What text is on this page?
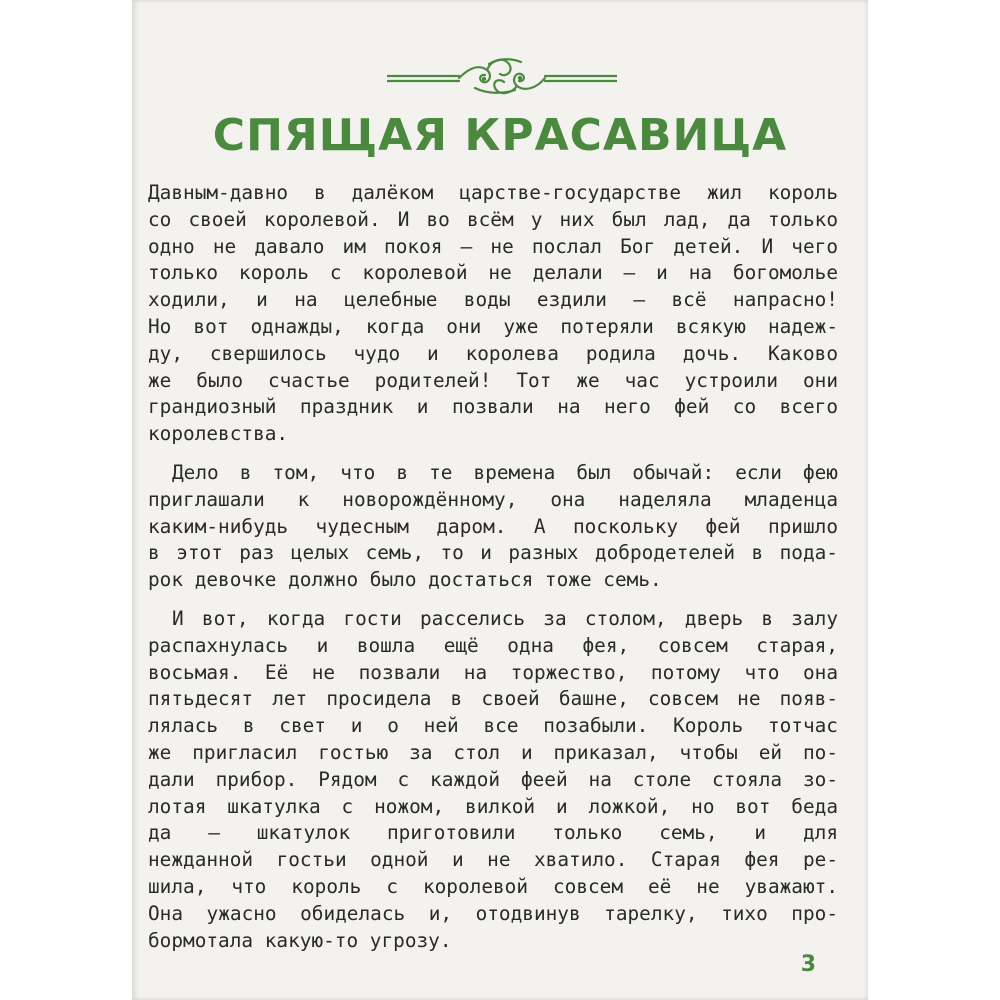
СПЯЩАЯ КРАСАВИЦА
Давным-давно в далёком царстве-государстве жил король
со своей королевой. И во всём у них был лад, да только
одно не давало им покоя — не послал Бог детей. И чего
только король с королевой не делали — и на богомолье
ходили, и на целебные воды ездили — всё напрасно!
Но вот однажды, когда они уже потеряли всякую надеж-
ду, свершилось чудо и королева родила дочь. Каково
же было счастье родителей! Тот же час устроили они
грандиозный праздник и позвали на него фей со всего
королевства.
Дело в том, что в те времена был обычай: если фею
приглашали к новорождённому, она наделяла младенца
каким-нибудь чудесным даром. А поскольку фей пришло
в этот раз целых семь, то и разных добродетелей в пода-
рок девочке должно было достаться тоже семь.
И вот, когда гости расселись за столом, дверь в залу
распахнулась и вошла ещё одна фея, совсем старая,
восьмая. Её не позвали на торжество, потому что она
пятьдесят лет просидела в своей башне, совсем не появ-
лялась в свет и о ней все позабыли. Король тотчас
же пригласил гостью за стол и приказал, чтобы ей по-
дали прибор. Рядом с каждой феей на столе стояла зо-
лотая шкатулка с ножом, вилкой и ложкой, но вот беда
да — шкатулок приготовили только семь, и для
нежданной гостьи одной и не хватило. Старая фея ре-
шила, что король с королевой совсем её не уважают.
Она ужасно обиделась и, отодвинув тарелку, тихо про-
бормотала какую-то угрозу.
3
